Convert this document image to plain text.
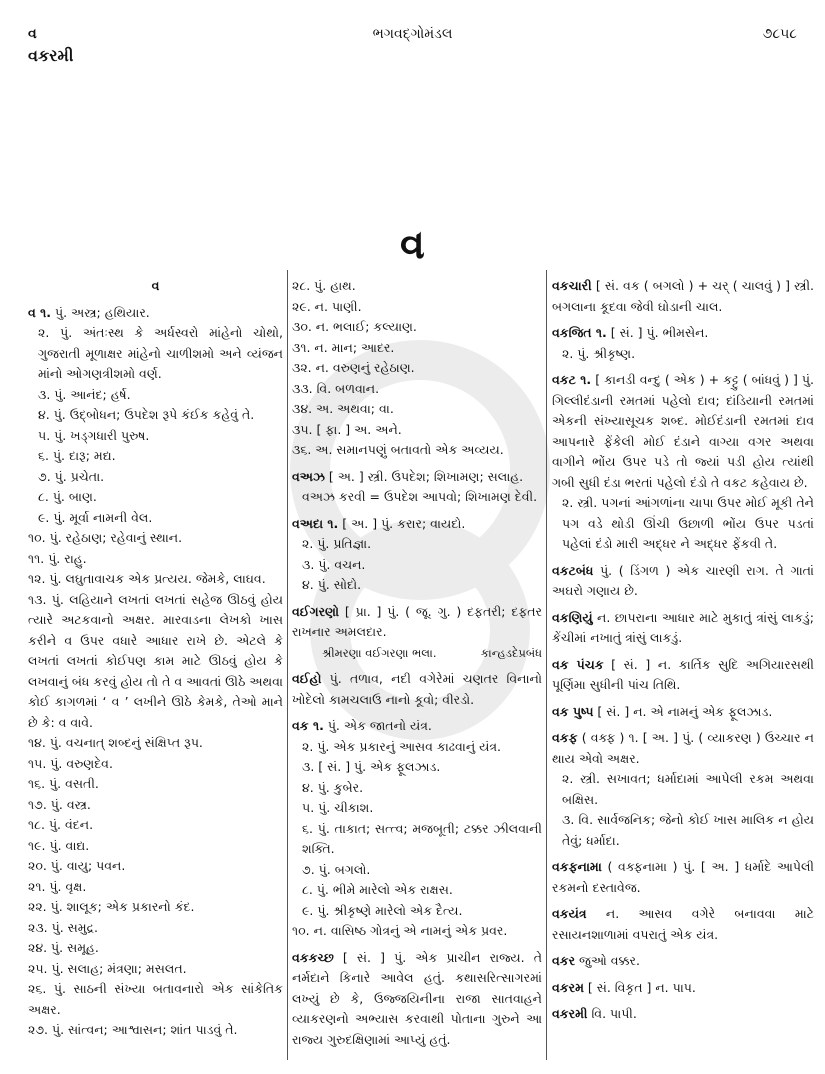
વ
વકરમી
ભગવદ્ગોમંડલ	૭૮૫૮
વ

વ

વ ૧. પું. અસ્ત્ર; હથિયાર.

૨. પું. અંતઃસ્થ કે અર્ધસ્વરો માંહેનો ચોથો, ગુજરાતી મૂળાક્ષર માંહેનો ચાળીશમો અને વ્યંજન માંનો ઓગણત્રીશમો વર્ણ.

૩. પું. આનંદ; હર્ષ.

૪. પું. ઉદ્બોધન; ઉપદેશ રૂપે કંઈક કહેવું તે.

૫. પું. ખડ્ગધારી પુરુષ.

૬. પું. દારૂ; મદ્ય.

૭. પું. પ્રચેતા.

૮. પું. બાણ.

૯. પું. મૂર્વા નામની વેલ.

૧૦. પું. રહેઠાણ; રહેવાનું સ્થાન.

૧૧. પું. રાહુ.

૧૨. પું. લઘુતાવાચક એક પ્રત્યય. જેમકે, લાઘવ.

૧૩. પું. લહિયાને લખતાં લખતાં સહેજ ઊઠવું હોય ત્યારે અટકવાનો અક્ષર. મારવાડના લેખકો ખાસ કરીને વ ઉપર વધારે આધાર રાખે છે. એટલે કે લખતાં લખતાં કોઈપણ કામ માટે ઊઠવું હોય કે લખવાનું બંધ કરવું હોય તો તે વ આવતાં ઊઠે અથવા કોઈ કાગળમાં ‘ વ ’ લખીને ઊઠે કેમકે, તેઓ માને છે કે: વ વાવે.

૧૪. પું. વચનાત્ શબ્દનું સંક્ષિપ્ત રૂપ.

૧૫. પું. વરુણદેવ.

૧૬. પું. વસતી.

૧૭. પું. વસ્ત્ર.

૧૮. પું. વંદન.

૧૯. પું. વાદ્ય.

૨૦. પું. વાયુ; પવન.

૨૧. પું. વૃક્ષ.

૨૨. પું. શાલૂક; એક પ્રકારનો કંદ.

૨૩. પું. સમુદ્ર.

૨૪. પું. સમૂહ.

૨૫. પું. સલાહ; મંત્રણા; મસલત.

૨૬. પું. સાઠની સંખ્યા બતાવનારો એક સાંકેતિક અક્ષર.

૨૭. પું. સાંત્વન; આશ્વાસન; શાંત પાડવું તે.

૨૮. પું. હાથ.

૨૯. ન. પાણી.

૩૦. ન. ભલાઈ; કલ્યાણ.

૩૧. ન. માન; આદર.

૩૨. ન. વરુણનું રહેઠાણ.

૩૩. વિ. બળવાન.

૩૪. અ. અથવા; વા.

૩૫. [ ફા. ] અ. અને.

૩૬. અ. સમાનપણું બતાવતો એક અવ્યય.

વઅઝ [ અ. ] સ્ત્રી. ઉપદેશ; શિખામણ; સલાહ.

વઅઝ કરવી = ઉપદેશ આપવો; શિખામણ દેવી.

વઅદા ૧. [ અ. ] પું. કરાર; વાયદો.

૨. પું. પ્રતિજ્ઞા.

૩. પું. વચન.

૪. પું. સોદો.

વઈગરણો [ પ્રા. ] પું. ( જૂ. ગુ. ) દફતરી; દફતર રાખનાર અમલદાર.

શ્રીમરણા વઈગરણા ભલા.	કાન્હડદેપ્રબંધ

વઈહો પું. તળાવ, નદી વગેરેમાં ચણતર વિનાનો ખોદેલો કામચલાઉ નાનો કૂવો; વીરડો.

વક ૧. પું. એક જાતનો યંત્ર.

૨. પું. એક પ્રકારનું આસવ કાઢવાનું યંત્ર.

૩. [ સં. ] પું. એક ફૂલઝાડ.

૪. પું. કુબેર.

૫. પું. ચીકાશ.

૬. પું. તાકાત; સત્ત્વ; મજબૂતી; ટક્કર ઝીલવાની શક્તિ.

૭. પું. બગલો.

૮. પું. ભીમે મારેલો એક રાક્ષસ.

૯. પું. શ્રીકૃષ્ણે મારેલો એક દૈત્ય.

૧૦. ન. વાસિષ્ઠ ગોત્રનું એ નામનું એક પ્રવર.

વકકચ્છ [ સં. ] પું. એક પ્રાચીન રાજ્ય. તે નર્મદાને કિનારે આવેલ હતું. કથાસરિત્સાગરમાં લખ્યું છે કે, ઉજ્જયિનીના રાજા સાતવાહને વ્યાકરણનો અભ્યાસ કરવાથી પોતાના ગુરુને આ રાજ્ય ગુરુદક્ષિણામાં આપ્યું હતું.

વકચારી [ સં. વક ( બગલો ) + ચર્ ( ચાલવું ) ] સ્ત્રી. બગલાના કૂદવા જેવી ઘોડાની ચાલ.

વકજિત ૧. [ સં. ] પું. ભીમસેન.

૨. પું. શ્રીકૃષ્ણ.

વકટ ૧. [ કાનડી વન્દુ ( એક ) + કટ્ટુ ( બાંધવું ) ] પું. ગિલ્લીદંડાની રમતમાં પહેલો દાવ; દાંડિયાની રમતમાં એકની સંખ્યાસૂચક શબ્દ. મોઈદંડાની રમતમાં દાવ આપનારે ફેંકેલી મોઈ દંડાને વાગ્યા વગર અથવા વાગીને ભોંય ઉપર પડે તો જ્યાં પડી હોય ત્યાંથી ગબી સુધી દંડા ભરતાં પહેલો દંડો તે વકટ કહેવાય છે.

૨. સ્ત્રી. પગનાં આંગળાંના ચાપા ઉપર મોઈ મૂકી તેને પગ વડે થોડી ઊંચી ઉછાળી ભોંય ઉપર પડતાં પહેલાં દંડો મારી અદ્ધર ને અદ્ધર ફેંકવી તે.

વકટબંધ પું. ( ડિંગળ ) એક ચારણી રાગ. તે ગાતાં અઘરો ગણાય છે.

વકણિયું ન. છાપરાના આધાર માટે મુકાતું ત્રાંસું લાકડું; કેંચીમાં નખાતું ત્રાંસું લાકડું.

વક પંચક [ સં. ] ન. કાર્તિક સુદિ અગિયારસથી પૂર્ણિમા સુધીની પાંચ તિથિ.

વક પુષ્પ [ સં. ] ન. એ નામનું એક ફૂલઝાડ.

વકફ ( વક્ફ ) ૧. [ અ. ] પું. ( વ્યાકરણ ) ઉચ્ચાર ન થાય એવો અક્ષર.

૨. સ્ત્રી. સખાવત; ધર્માદામાં આપેલી રકમ અથવા બક્ષિસ.

૩. વિ. સાર્વજનિક; જેનો કોઈ ખાસ માલિક ન હોય તેવું; ધર્માદા.

વકફનામા ( વક્ફનામા ) પું. [ અ. ] ધર્માદે આપેલી રકમનો દસ્તાવેજ.

વકયંત્ર ન. આસવ વગેરે બનાવવા માટે રસાયનશાળામાં વપરાતું એક યંત્ર.

વકર જુઓ વક્કર.

વકરમ [ સં. વિકૃત ] ન. પાપ.

વકરમી વિ. પાપી.
